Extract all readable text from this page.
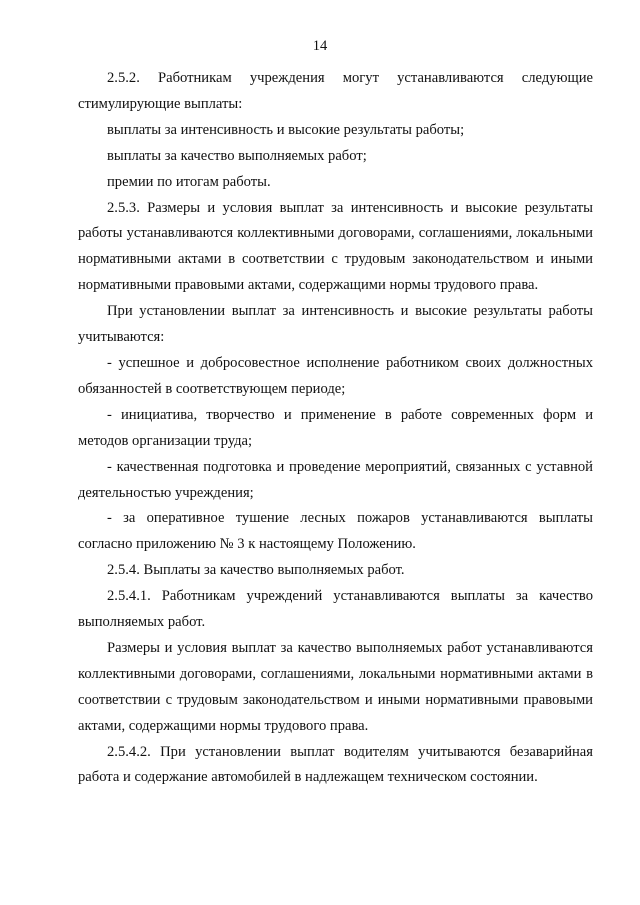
14

2.5.2. Работникам учреждения могут устанавливаются следующие стимулирующие выплаты:

выплаты за интенсивность и высокие результаты работы;

выплаты за качество выполняемых работ;

премии по итогам работы.

2.5.3. Размеры и условия выплат за интенсивность и высокие результаты работы устанавливаются коллективными договорами, соглашениями, локальными нормативными актами в соответствии с трудовым законодательством и иными нормативными правовыми актами, содержащими нормы трудового права.

При установлении выплат за интенсивность и высокие результаты работы учитываются:

- успешное и добросовестное исполнение работником своих должностных обязанностей в соответствующем периоде;

- инициатива, творчество и применение в работе современных форм и методов организации труда;

- качественная подготовка и проведение мероприятий, связанных с уставной деятельностью учреждения;

- за оперативное тушение лесных пожаров устанавливаются выплаты согласно приложению № 3 к настоящему Положению.

2.5.4. Выплаты за качество выполняемых работ.

2.5.4.1. Работникам учреждений устанавливаются выплаты за качество выполняемых работ.

Размеры и условия выплат за качество выполняемых работ устанавливаются коллективными договорами, соглашениями, локальными нормативными актами в соответствии с трудовым законодательством и иными нормативными правовыми актами, содержащими нормы трудового права.

2.5.4.2. При установлении выплат водителям учитываются безаварийная работа и содержание автомобилей в надлежащем техническом состоянии.
